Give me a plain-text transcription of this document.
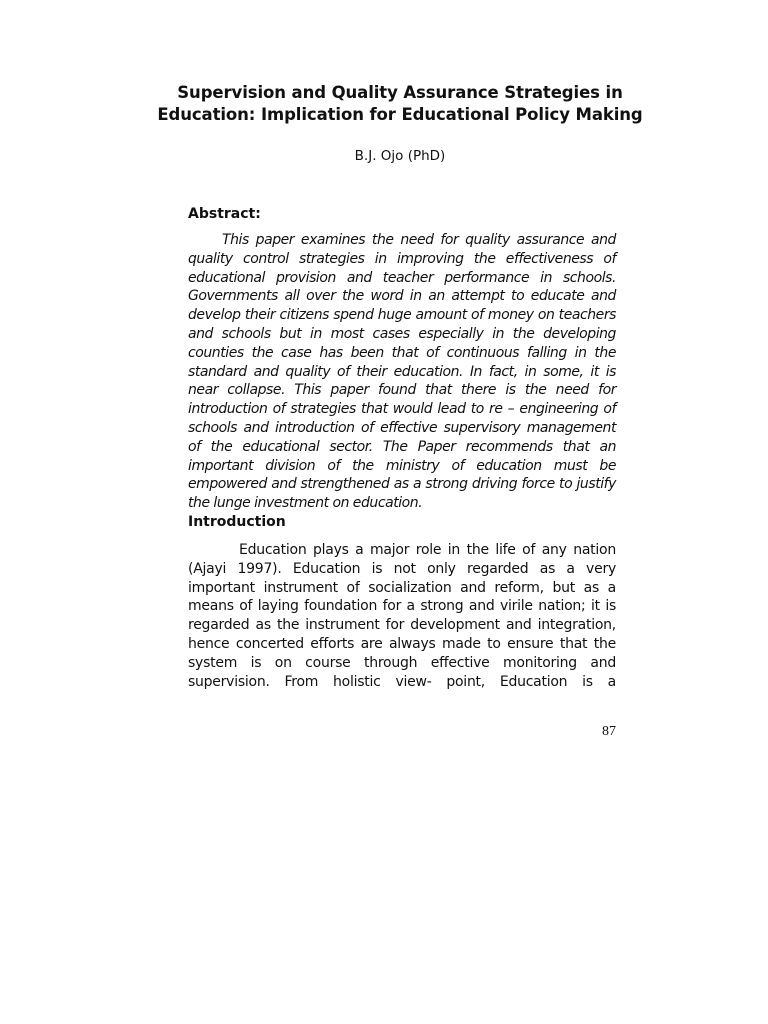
Supervision and Quality Assurance Strategies in Education: Implication for Educational Policy Making

B.J. Ojo (PhD)

Abstract:

This paper examines the need for quality assurance and quality control strategies in improving the effectiveness of educational provision and teacher performance in schools. Governments all over the word in an attempt to educate and develop their citizens spend huge amount of money on teachers and schools but in most cases especially in the developing counties the case has been that of continuous falling in the standard and quality of their education. In fact, in some, it is near collapse. This paper found that there is the need for introduction of strategies that would lead to re – engineering of schools and introduction of effective supervisory management of the educational sector. The Paper recommends that an important division of the ministry of education must be empowered and strengthened as a strong driving force to justify the lunge investment on education.

Introduction

Education plays a major role in the life of any nation (Ajayi 1997). Education is not only regarded as a very important instrument of socialization and reform, but as a means of laying foundation for a strong and virile nation; it is regarded as the instrument for development and integration, hence concerted efforts are always made to ensure that the system is on course through effective monitoring and supervision. From holistic view- point, Education is a

87
